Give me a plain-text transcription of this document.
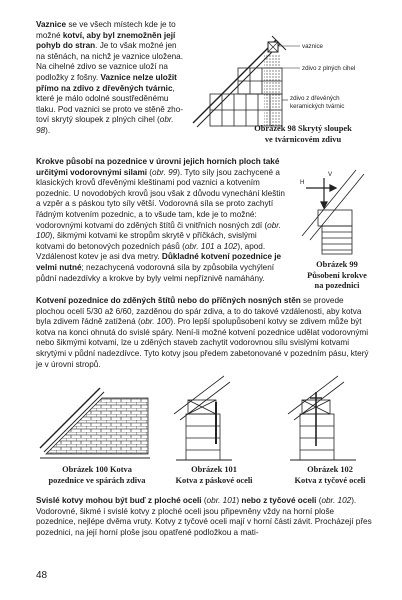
Vaznice se ve všech místech kde je to možné kotví, aby byl znemožněn její pohyb do stran. Je to však možné jen na stěnách, na nichž je vaznice uložena. Na cihelné zdivo se vaznice uloží na podložky z fošny. Vaznice nelze uložit přímo na zdivo z dřevěných tvárnic, které je málo odolné soustředěnému tlaku. Pod vaznici se proto ve stěně zhotoví skrytý sloupek z plných cihel (obr. 98).

vaznice
zdivo z plných cihel
zdivo z dřevěných
keramických tvárnic
Obrázek 98 Skrytý sloupek
ve tvárnicovém zdivu

Krokve působí na pozednice v úrovni jejich horních ploch také určitými vodorovnými silami (obr. 99). Tyto síly jsou zachycené a klasických krovů dřevěnými kleštinami pod vaznici a kotvením pozednic. U novodobých krovů jsou však z důvodu vynechání kleštin a vzpěr a s páskou tyto síly větší. Vodorovná síla se proto zachytí řádným kotvením pozednic, a to všude tam, kde je to možné: vodorovnými kotvami do zděných štítů či vnitřních nosných zdí (obr. 100), šikmými kotvami ke stropům skrytě v příčkách, svislými kotvami do betonových pozedních pásů (obr. 101 a 102), apod. Vzdálenost kotev je asi dva metry. Důkladné kotvení pozednice je velmi nutné; nezachycená vodorovná síla by způsobila vychýlení půdní nadezdívky a krokve by byly velmi nepříznivě namáhány.

H
V
Obrázek 99
Působení krokve
na pozednici

Kotvení pozednice do zděných štítů nebo do příčných nosných stěn se provede plochou ocelí 5/30 až 6/60, zazděnou do spár zdiva, a to do takové vzdálenosti, aby kotva byla zdivem řádně zatížená (obr. 100). Pro lepší spolupůsobení kotvy se zdivem může být kotva na konci ohnutá do svislé spáry. Není-li možné kotvení pozednice udělat vodorovnými nebo šikmými kotvami, lze u zděných staveb zachytit vodorovnou sílu svislými kotvami skrytými v půdní nadezdívce. Tyto kotvy jsou předem zabetonované v pozedním pásu, který je v úrovni stropů.

Obrázek 100 Kotva
pozednice ve spárách zdiva
Obrázek 101
Kotva z páskové oceli
Obrázek 102
Kotva z tyčové oceli

Svislé kotvy mohou být buď z ploché oceli (obr. 101) nebo z tyčové oceli (obr. 102). Vodorovné, šikmé i svislé kotvy z ploché oceli jsou připevněny vždy na horní ploše pozednice, nejlépe dvěma vruty. Kotvy z tyčové oceli mají v horní části závit. Procházejí přes pozednici, na její horní ploše jsou opatřené podložkou a mati-

48
